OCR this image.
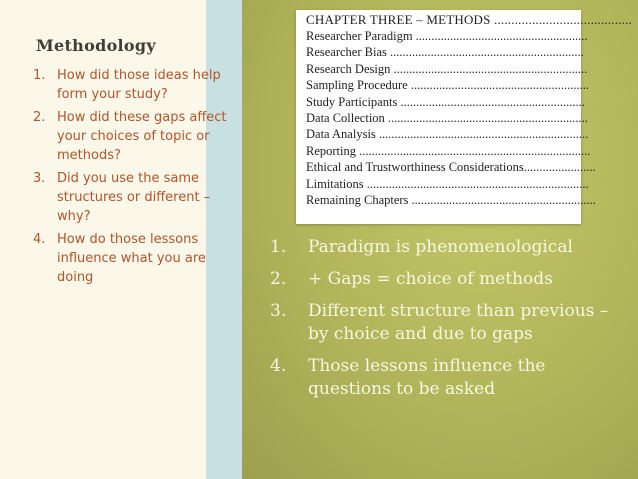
Methodology
1. How did those ideas help form your study?
2. How did these gaps affect your choices of topic or methods?
3. Did you use the same structures or different – why?
4. How do those lessons influence what you are doing
CHAPTER THREE – METHODS ........................................
Researcher Paradigm .......................................................
Researcher Bias ..............................................................
Research Design ..............................................................
Sampling Procedure .........................................................
Study Participants ...........................................................
Data Collection ................................................................
Data Analysis ...................................................................
Reporting ..........................................................................
Ethical and Trustworthiness Considerations.......................
Limitations .......................................................................
Remaining Chapters ...........................................................
1. Paradigm is phenomenological
2. + Gaps = choice of methods
3. Different structure than previous – by choice and due to gaps
4. Those lessons influence the questions to be asked
